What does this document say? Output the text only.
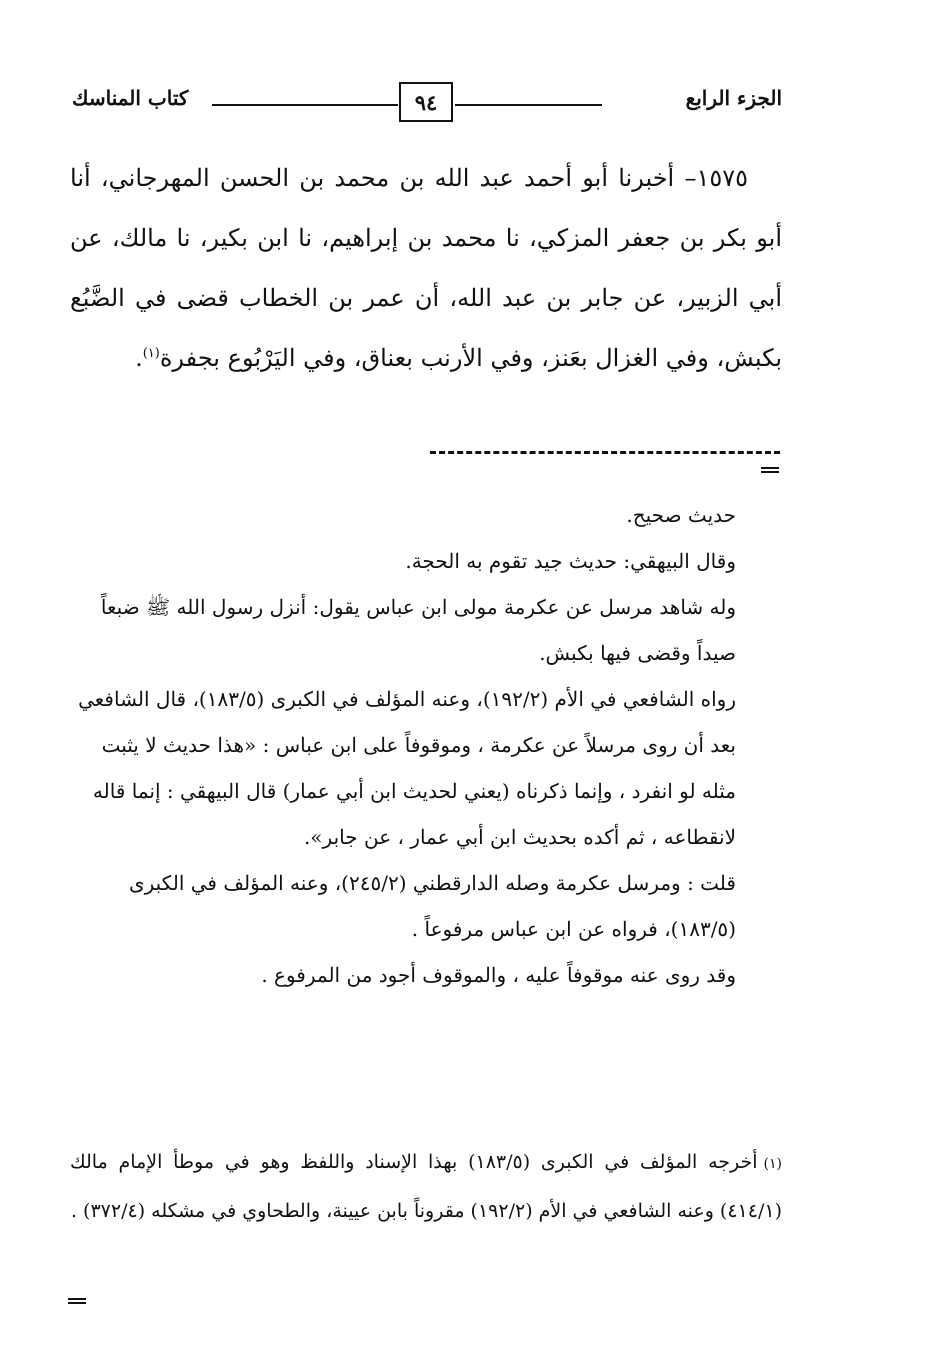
الجزء الرابع
٩٤
كتاب المناسك

١٥٧٥– أخبرنا أبو أحمد عبد الله بن محمد بن الحسن المهرجاني، أنا أبو بكر بن جعفر المزكي، نا محمد بن إبراهيم، نا ابن بكير، نا مالك، عن أبي الزبير، عن جابر بن عبد الله، أن عمر بن الخطاب قضى في الضَّبُع بكبش، وفي الغزال بعَنز، وفي الأرنب بعناق، وفي اليَرْبُوع بجفرة$^{(١)}$.

حديث صحيح.

وقال البيهقي: حديث جيد تقوم به الحجة.

وله شاهد مرسل عن عكرمة مولى ابن عباس يقول: أنزل رسول الله ﷺ ضبعاً صيداً وقضى فيها بكبش.

رواه الشافعي في الأم (١٩٢/٢)، وعنه المؤلف في الكبرى (١٨٣/٥)، قال الشافعي بعد أن روى مرسلاً عن عكرمة ، وموقوفاً على ابن عباس : «هذا حديث لا يثبت مثله لو انفرد ، وإنما ذكرناه (يعني لحديث ابن أبي عمار) قال البيهقي : إنما قاله لانقطاعه ، ثم أكده بحديث ابن أبي عمار ، عن جابر».

قلت : ومرسل عكرمة وصله الدارقطني (٢٤٥/٢)، وعنه المؤلف في الكبرى (١٨٣/٥)، فرواه عن ابن عباس مرفوعاً .

وقد روى عنه موقوفاً عليه ، والموقوف أجود من المرفوع .

(١)أخرجه المؤلف في الكبرى (١٨٣/٥) بهذا الإسناد واللفظ وهو في موطأ الإمام مالك (٤١٤/١) وعنه الشافعي في الأم (١٩٢/٢) مقروناً بابن عيينة، والطحاوي في مشكله (٣٧٢/٤) .
